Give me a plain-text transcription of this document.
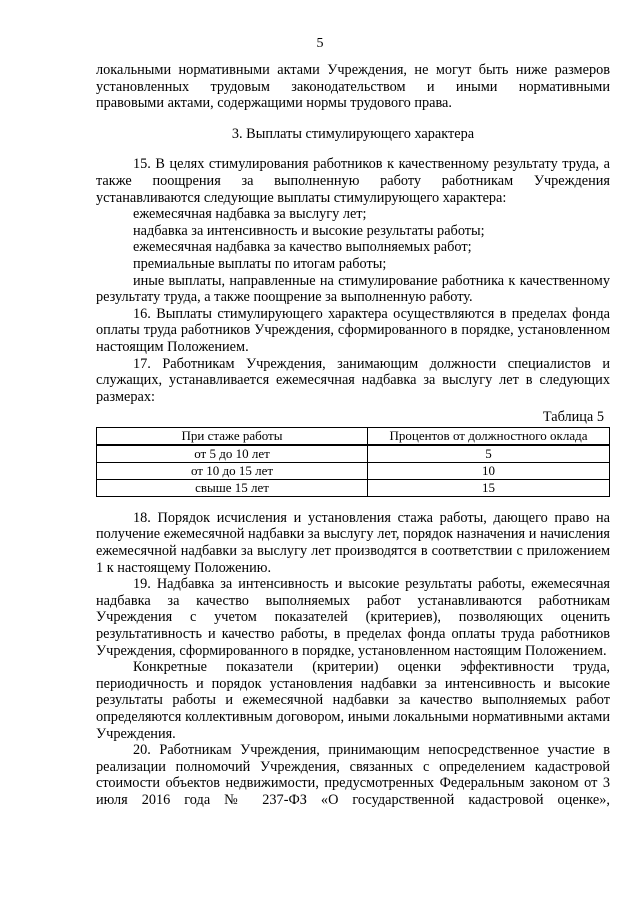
5

локальными нормативными актами Учреждения, не могут быть ниже размеров

установленных трудовым законодательством и иными нормативными

правовыми актами, содержащими нормы трудового права.

3. Выплаты стимулирующего характера

15. В целях стимулирования работников к качественному результату труда, а также поощрения за выполненную работу работникам Учреждения устанавливаются следующие выплаты стимулирующего характера:

ежемесячная надбавка за выслугу лет;

надбавка за интенсивность и высокие результаты работы;

ежемесячная надбавка за качество выполняемых работ;

премиальные выплаты по итогам работы;

иные выплаты, направленные на стимулирование работника к качественному результату труда, а также поощрение за выполненную работу.

16. Выплаты стимулирующего характера осуществляются в пределах фонда оплаты труда работников Учреждения, сформированного в порядке, установленном настоящим Положением.

17. Работникам Учреждения, занимающим должности специалистов и служащих, устанавливается ежемесячная надбавка за выслугу лет в следующих размерах:

Таблица 5
При стаже работы	Процентов от должностного оклада
от 5 до 10 лет	5
от 10 до 15 лет	10
свыше 15 лет	15

18. Порядок исчисления и установления стажа работы, дающего право на получение ежемесячной надбавки за выслугу лет, порядок назначения и начисления ежемесячной надбавки за выслугу лет производятся в соответствии с приложением 1 к настоящему Положению.

19. Надбавка за интенсивность и высокие результаты работы, ежемесячная надбавка за качество выполняемых работ устанавливаются работникам Учреждения с учетом показателей (критериев), позволяющих оценить результативность и качество работы, в пределах фонда оплаты труда работников Учреждения, сформированного в порядке, установленном настоящим Положением.

Конкретные показатели (критерии) оценки эффективности труда, периодичность и порядок установления надбавки за интенсивность и высокие результаты работы и ежемесячной надбавки за качество выполняемых работ определяются коллективным договором, иными локальными нормативными актами Учреждения.

20. Работникам Учреждения, принимающим непосредственное участие в реализации полномочий Учреждения, связанных с определением кадастровой стоимости объектов недвижимости, предусмотренных Федеральным законом от 3 июля 2016 года № 237-ФЗ «О государственной кадастровой оценке»,
